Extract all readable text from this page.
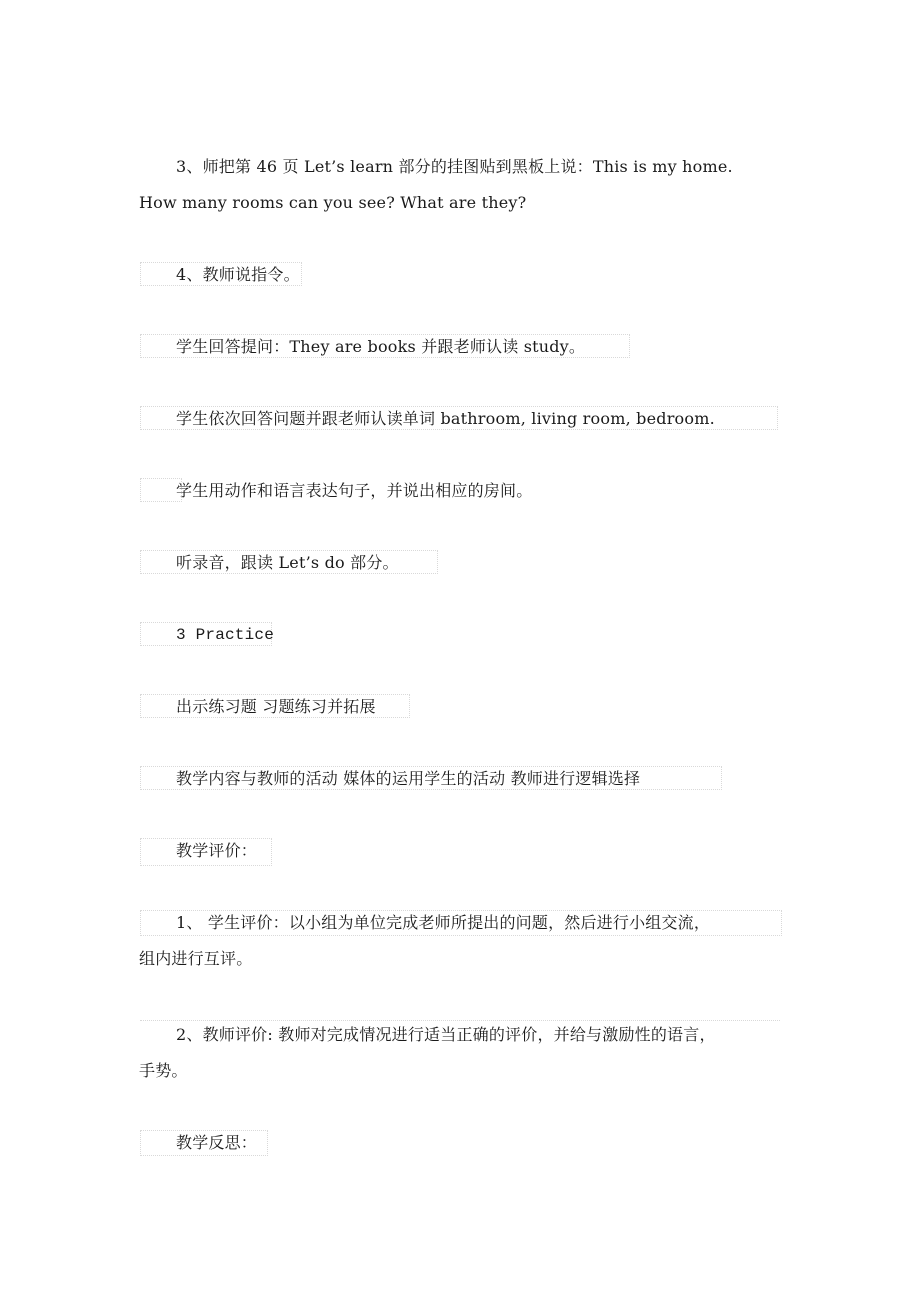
3、师把第 46 页 Let’s learn 部分的挂图贴到黑板上说：This is my home.
How many rooms can you see? What are they?
4、教师说指令。
学生回答提问：They are books 并跟老师认读 study。
学生依次回答问题并跟老师认读单词 bathroom, living room, bedroom.
学生用动作和语言表达句子，并说出相应的房间。
听录音，跟读 Let’s do 部分。
3 Practice
出示练习题 习题练习并拓展
教学内容与教师的活动 媒体的运用学生的活动 教师进行逻辑选择
教学评价：
1、 学生评价：以小组为单位完成老师所提出的问题，然后进行小组交流，
组内进行互评。
2、教师评价: 教师对完成情况进行适当正确的评价，并给与激励性的语言，
手势。
教学反思：
